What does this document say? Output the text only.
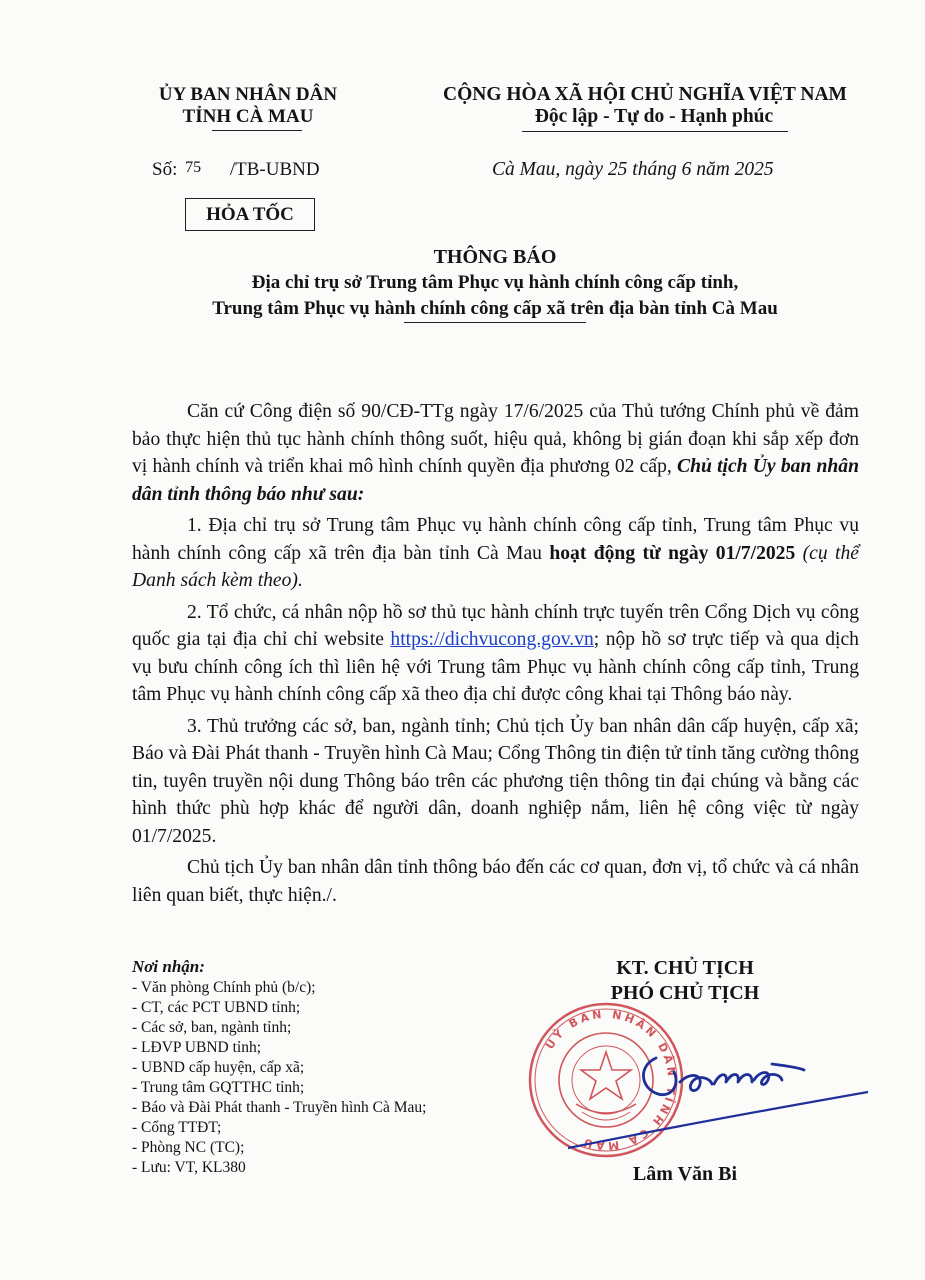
ỦY BAN NHÂN DÂN
TỈNH CÀ MAU
CỘNG HÒA XÃ HỘI CHỦ NGHĨA VIỆT NAM
Độc lập - Tự do - Hạnh phúc
Số: 75 /TB-UBND	Cà Mau, ngày 25 tháng 6 năm 2025
HỎA TỐC
THÔNG BÁO
Địa chỉ trụ sở Trung tâm Phục vụ hành chính công cấp tỉnh,
Trung tâm Phục vụ hành chính công cấp xã trên địa bàn tỉnh Cà Mau

Căn cứ Công điện số 90/CĐ-TTg ngày 17/6/2025 của Thủ tướng Chính phủ về đảm bảo thực hiện thủ tục hành chính thông suốt, hiệu quả, không bị gián đoạn khi sắp xếp đơn vị hành chính và triển khai mô hình chính quyền địa phương 02 cấp, Chủ tịch Ủy ban nhân dân tỉnh thông báo như sau:

1. Địa chỉ trụ sở Trung tâm Phục vụ hành chính công cấp tỉnh, Trung tâm Phục vụ hành chính công cấp xã trên địa bàn tỉnh Cà Mau hoạt động từ ngày 01/7/2025 (cụ thể Danh sách kèm theo).

2. Tổ chức, cá nhân nộp hồ sơ thủ tục hành chính trực tuyến trên Cổng Dịch vụ công quốc gia tại địa chỉ chỉ website https://dichvucong.gov.vn; nộp hồ sơ trực tiếp và qua dịch vụ bưu chính công ích thì liên hệ với Trung tâm Phục vụ hành chính công cấp tỉnh, Trung tâm Phục vụ hành chính công cấp xã theo địa chỉ được công khai tại Thông báo này.

3. Thủ trưởng các sở, ban, ngành tỉnh; Chủ tịch Ủy ban nhân dân cấp huyện, cấp xã; Báo và Đài Phát thanh - Truyền hình Cà Mau; Cổng Thông tin điện tử tỉnh tăng cường thông tin, tuyên truyền nội dung Thông báo trên các phương tiện thông tin đại chúng và bằng các hình thức phù hợp khác để người dân, doanh nghiệp nắm, liên hệ công việc từ ngày 01/7/2025.

Chủ tịch Ủy ban nhân dân tỉnh thông báo đến các cơ quan, đơn vị, tổ chức và cá nhân liên quan biết, thực hiện./.

Nơi nhận:
- Văn phòng Chính phủ (b/c);
- CT, các PCT UBND tỉnh;
- Các sở, ban, ngành tỉnh;
- LĐVP UBND tỉnh;
- UBND cấp huyện, cấp xã;
- Trung tâm GQTTHC tỉnh;
- Báo và Đài Phát thanh - Truyền hình Cà Mau;
- Cổng TTĐT;
- Phòng NC (TC);
- Lưu: VT, KL380
KT. CHỦ TỊCH
PHÓ CHỦ TỊCH
UỶ BAN NHÂN DÂN TỈNH CÀ MAU
Lâm Văn Bi
